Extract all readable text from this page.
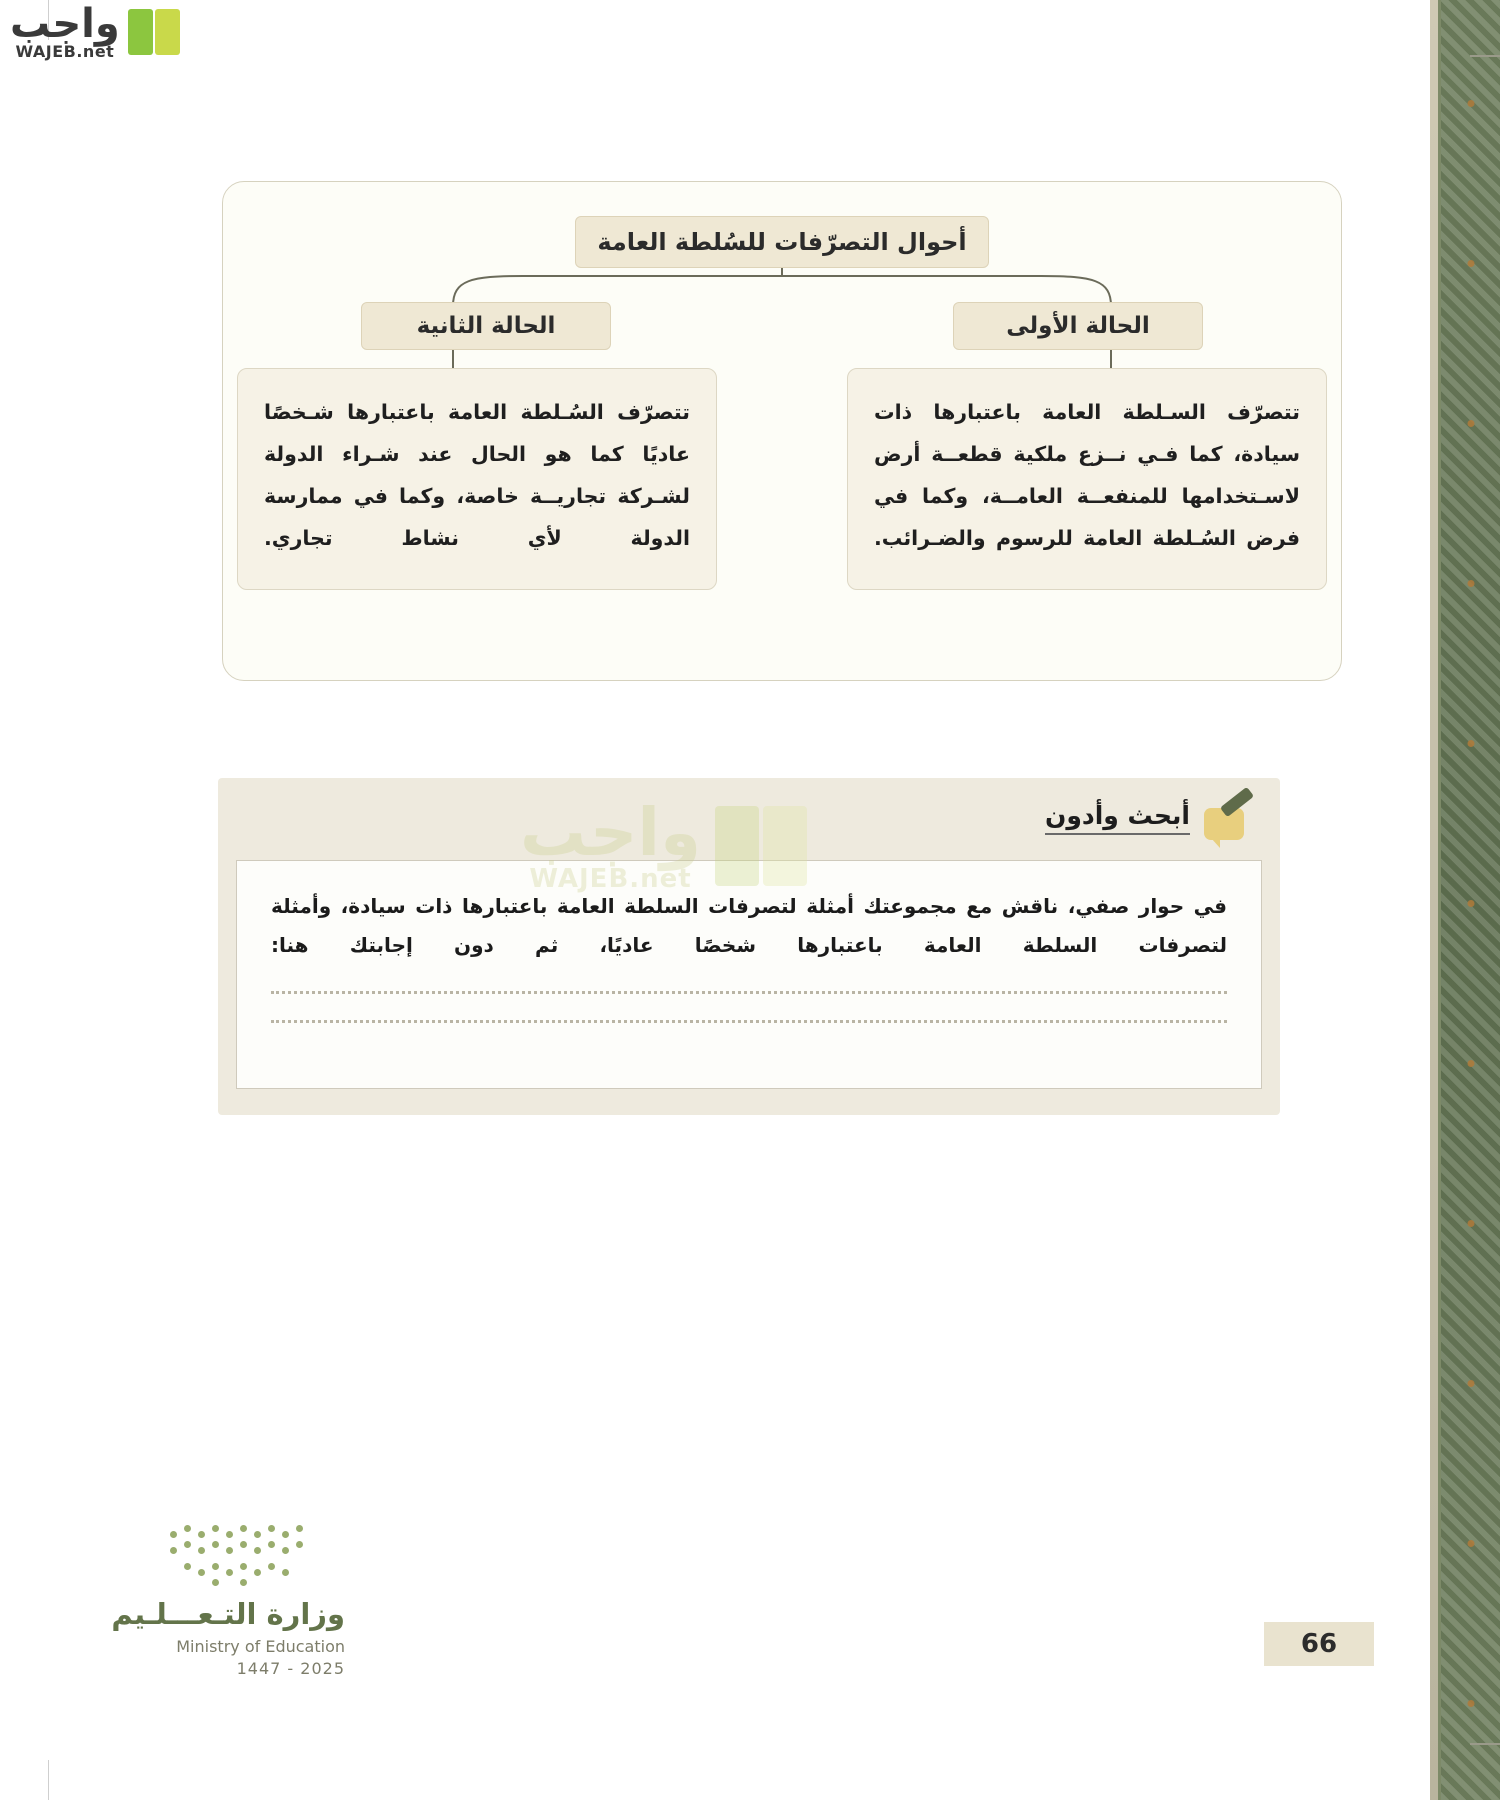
واجب
WAJEB.net
أحوال التصرّفات للسُلطة العامة
الحالة الأولى
الحالة الثانية
تتصرّف السـلطة العامة باعتبارها ذات سيادة، كما فـي نــزع ملكية قطعــة أرض لاسـتخدامها للمنفعــة العامــة، وكما في فرض السُـلطة العامة للرسوم والضـرائب.
تتصرّف السُـلطة العامة باعتبارها شـخصًا عاديًا كما هو الحال عند شـراء الدولة لشـركة تجاريــة خاصة، وكما في ممارسة الدولة لأي نشاط تجاري.
أبحث وأدون
في حوار صفي، ناقش مع مجموعتك أمثلة لتصرفات السلطة العامة باعتبارها ذات سيادة، وأمثلة لتصرفات السلطة العامة باعتبارها شخصًا عاديًا، ثم دون إجابتك هنا:
واجب
WAJEB.net
وزارة التـعـــلـيم
Ministry of Education
2025 - 1447
66
